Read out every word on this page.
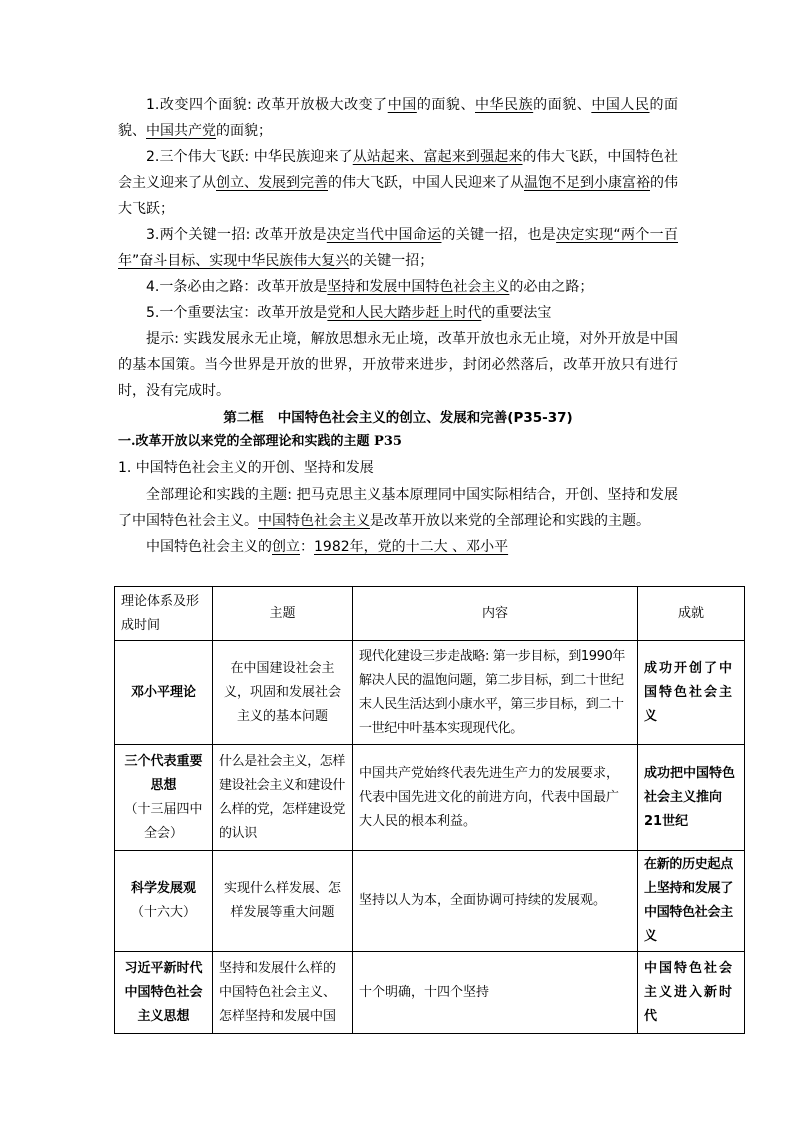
1.改变四个面貌: 改革开放极大改变了中国的面貌、中华民族的面貌、中国人民的面貌、中国共产党的面貌；

2.三个伟大飞跃: 中华民族迎来了从站起来、富起来到强起来的伟大飞跃，中国特色社会主义迎来了从创立、发展到完善的伟大飞跃，中国人民迎来了从温饱不足到小康富裕的伟大飞跃；

3.两个关键一招: 改革开放是决定当代中国命运的关键一招，也是决定实现“两个一百年”奋斗目标、实现中华民族伟大复兴的关键一招；

4.一条必由之路：改革开放是坚持和发展中国特色社会主义的必由之路；

5.一个重要法宝：改革开放是党和人民大踏步赶上时代的重要法宝

提示: 实践发展永无止境，解放思想永无止境，改革开放也永无止境，对外开放是中国的基本国策。当今世界是开放的世界，开放带来进步，封闭必然落后，改革开放只有进行时，没有完成时。

第二框 中国特色社会主义的创立、发展和完善(P35-37)

一.改革开放以来党的全部理论和实践的主题 P35

1. 中国特色社会主义的开创、坚持和发展

全部理论和实践的主题: 把马克思主义基本原理同中国实际相结合，开创、坚持和发展了中国特色社会主义。中国特色社会主义是改革开放以来党的全部理论和实践的主题。

中国特色社会主义的创立：1982年，党的十二大 、邓小平

理论体系及形成时间	主题	内容	成就
邓小平理论	在中国建设社会主义，巩固和发展社会主义的基本问题	现代化建设三步走战略: 第一步目标，到1990年解决人民的温饱问题，第二步目标，到二十世纪末人民生活达到小康水平，第三步目标，到二十一世纪中叶基本实现现代化。	成功开创了中国特色社会主义

三个代表重要思想
（十三届四中全会）	什么是社会主义，怎样建设社会主义和建设什么样的党，怎样建设党的认识	中国共产党始终代表先进生产力的发展要求，代表中国先进文化的前进方向，代表中国最广大人民的根本利益。	成功把中国特色社会主义推向21世纪

科学发展观
（十六大）	实现什么样发展、怎样发展等重大问题	坚持以人为本，全面协调可持续的发展观。	在新的历史起点上坚持和发展了中国特色社会主义
习近平新时代中国特色社会主义思想	坚持和发展什么样的中国特色社会主义、怎样坚持和发展中国	十个明确，十四个坚持	中国特色社会主义进入新时代
